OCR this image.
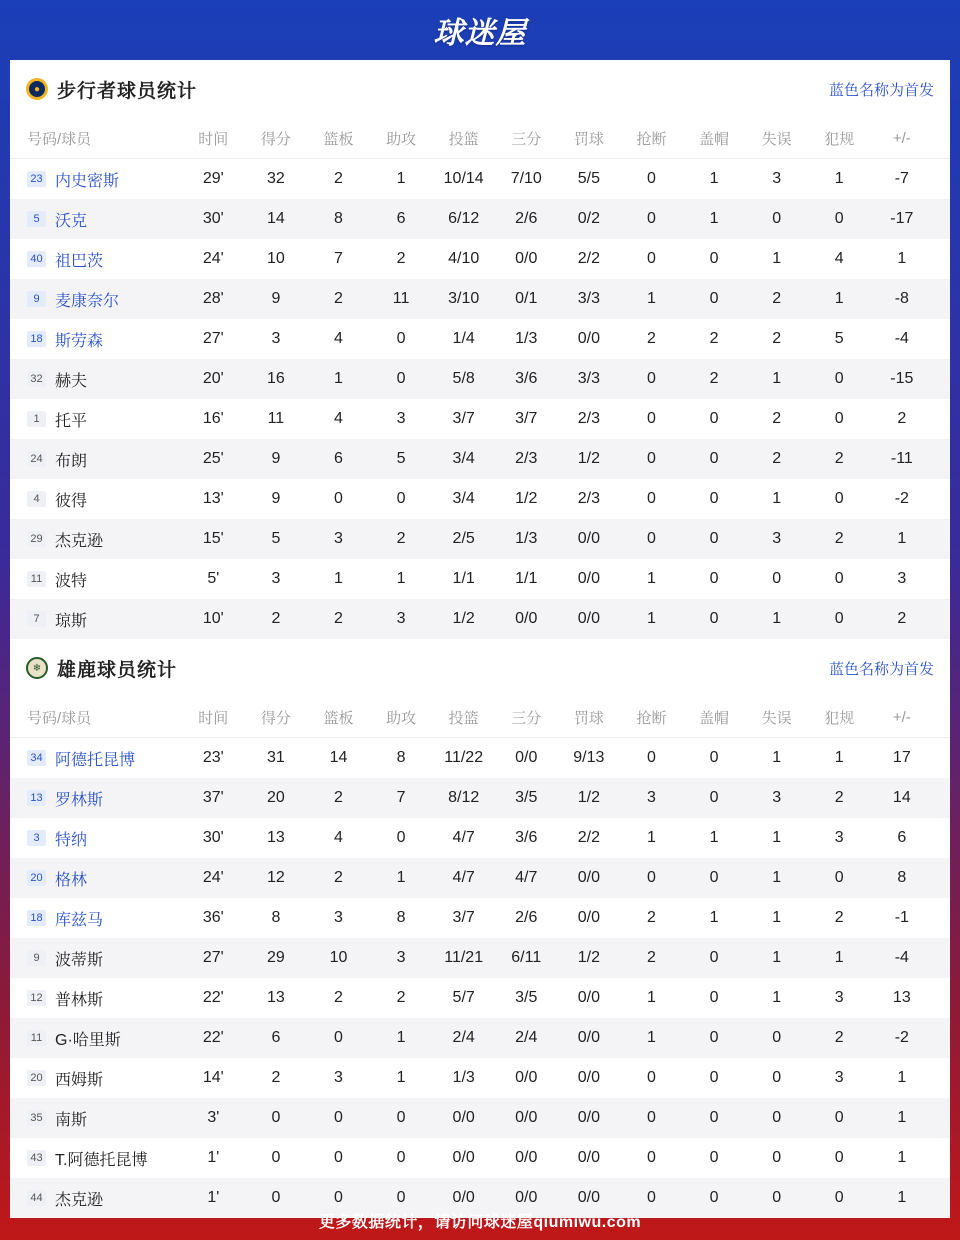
球迷屋
● 步行者球员统计	蓝色名称为首发
号码/球员	时间	得分	篮板	助攻	投篮	三分	罚球	抢断	盖帽	失误	犯规	+/-
23 内史密斯	29'	32	2	1	10/14	7/10	5/5	0	1	3	1	-7
5 沃克	30'	14	8	6	6/12	2/6	0/2	0	1	0	0	-17
40 祖巴茨	24'	10	7	2	4/10	0/0	2/2	0	0	1	4	1
9 麦康奈尔	28'	9	2	11	3/10	0/1	3/3	1	0	2	1	-8
18 斯劳森	27'	3	4	0	1/4	1/3	0/0	2	2	2	5	-4
32 赫夫	20'	16	1	0	5/8	3/6	3/3	0	2	1	0	-15
1 托平	16'	11	4	3	3/7	3/7	2/3	0	0	2	0	2
24 布朗	25'	9	6	5	3/4	2/3	1/2	0	0	2	2	-11
4 彼得	13'	9	0	0	3/4	1/2	2/3	0	0	1	0	-2
29 杰克逊	15'	5	3	2	2/5	1/3	0/0	0	0	3	2	1
11 波特	5'	3	1	1	1/1	1/1	0/0	1	0	0	0	3
7 琼斯	10'	2	2	3	1/2	0/0	0/0	1	0	1	0	2
❄ 雄鹿球员统计	蓝色名称为首发
号码/球员	时间	得分	篮板	助攻	投篮	三分	罚球	抢断	盖帽	失误	犯规	+/-
34 阿德托昆博	23'	31	14	8	11/22	0/0	9/13	0	0	1	1	17
13 罗林斯	37'	20	2	7	8/12	3/5	1/2	3	0	3	2	14
3 特纳	30'	13	4	0	4/7	3/6	2/2	1	1	1	3	6
20 格林	24'	12	2	1	4/7	4/7	0/0	0	0	1	0	8
18 库兹马	36'	8	3	8	3/7	2/6	0/0	2	1	1	2	-1
9 波蒂斯	27'	29	10	3	11/21	6/11	1/2	2	0	1	1	-4
12 普林斯	22'	13	2	2	5/7	3/5	0/0	1	0	1	3	13
11 G·哈里斯	22'	6	0	1	2/4	2/4	0/0	1	0	0	2	-2
20 西姆斯	14'	2	3	1	1/3	0/0	0/0	0	0	0	3	1
35 南斯	3'	0	0	0	0/0	0/0	0/0	0	0	0	0	1
43 T.阿德托昆博	1'	0	0	0	0/0	0/0	0/0	0	0	0	0	1
44 杰克逊	1'	0	0	0	0/0	0/0	0/0	0	0	0	0	1
更多数据统计，请访问球迷屋qiumiwu.com
